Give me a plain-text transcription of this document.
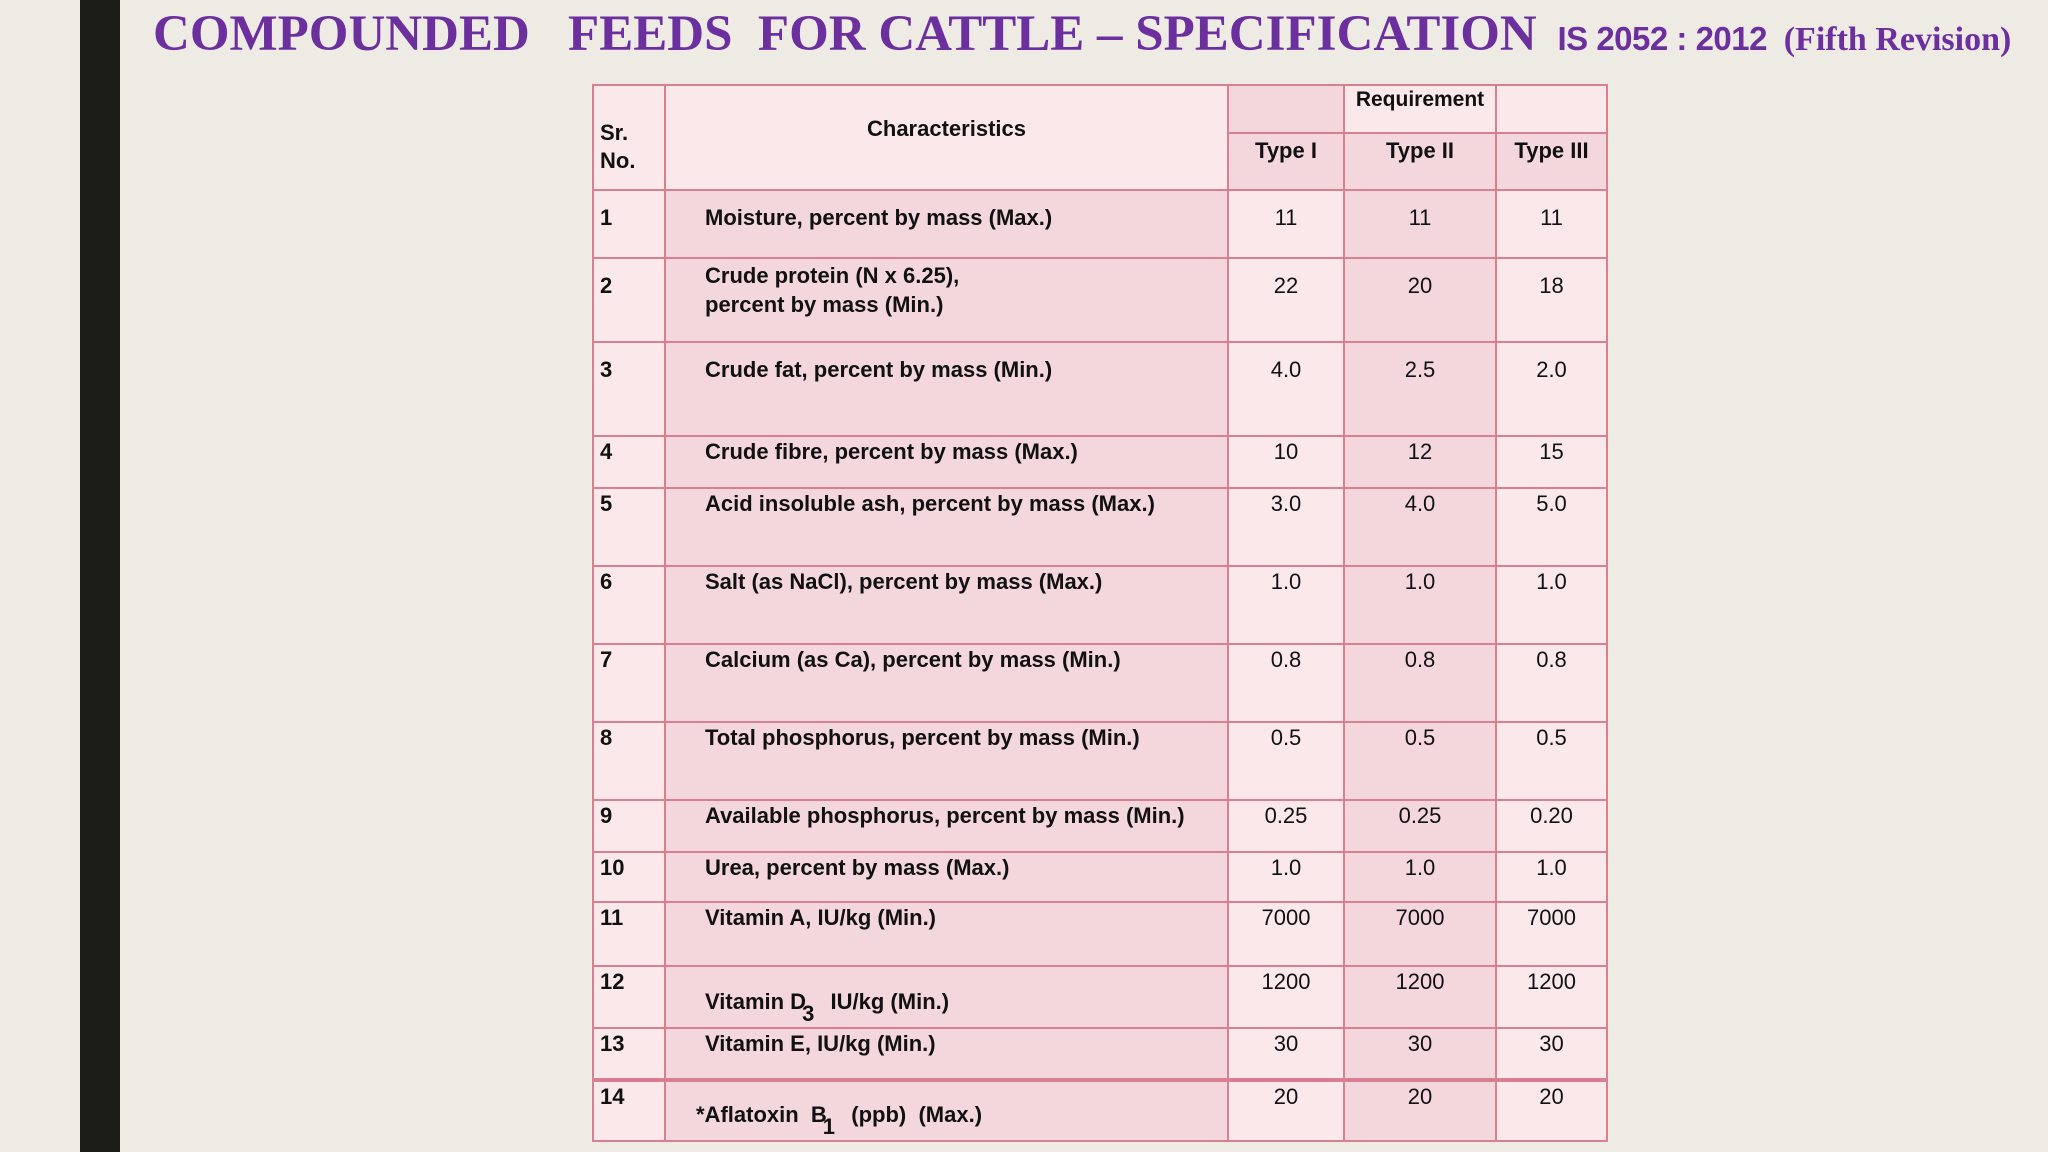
COMPOUNDED   FEEDS  FOR CATTLE – SPECIFICATION IS 2052 : 2012 (Fifth Revision)
Sr. No.	Characteristics		Requirement	
		Type I	Type II	Type III
1	Moisture, percent by mass (Max.)	11	11	11
2	Crude protein (N x 6.25),
percent by mass (Min.)	22	20	18
3	Crude fat, percent by mass (Min.)	4.0	2.5	2.0
4	Crude fibre, percent by mass (Max.)	10	12	15
5	Acid insoluble ash, percent by mass (Max.)	3.0	4.0	5.0
6	Salt (as NaCl), percent by mass (Max.)	1.0	1.0	1.0
7	Calcium (as Ca), percent by mass (Min.)	0.8	0.8	0.8
8	Total phosphorus, percent by mass (Min.)	0.5	0.5	0.5
9	Available phosphorus, percent by mass (Min.)	0.25	0.25	0.20
10	Urea, percent by mass (Max.)	1.0	1.0	1.0
11	Vitamin A, IU/kg (Min.)	7000	7000	7000
12	Vitamin $D_3$  IU/kg (Min.)	1200	1200	1200
13	Vitamin E, IU/kg (Min.)	30	30	30
14	*Aflatoxin  $B_1$  (ppb)  (Max.)	20	20	20
